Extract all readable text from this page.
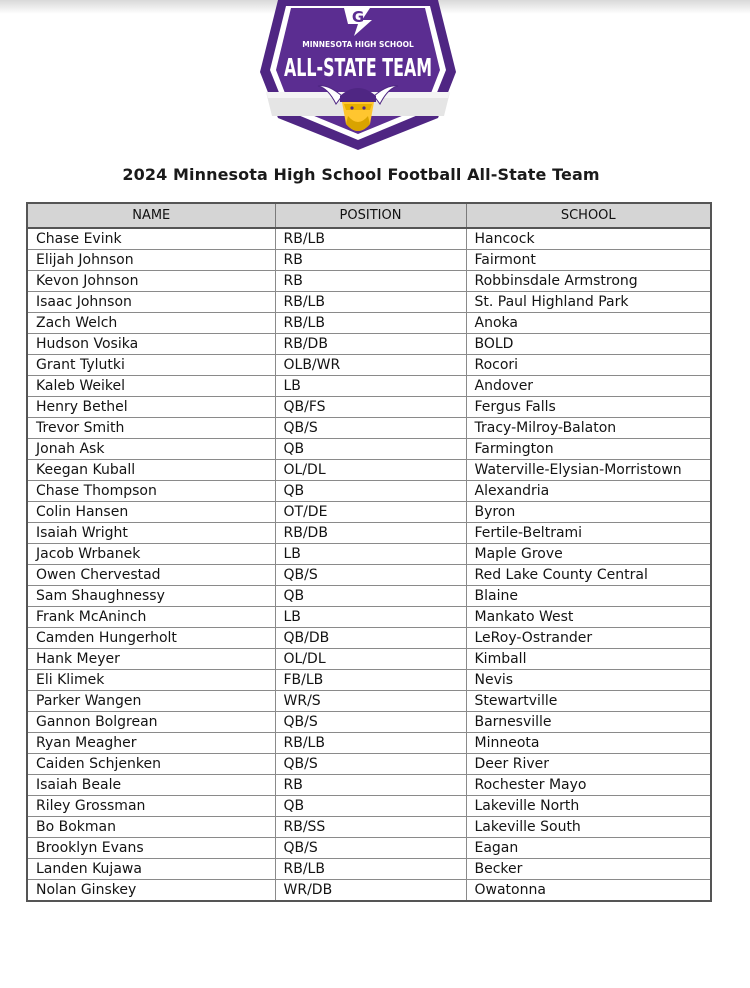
G
MINNESOTA HIGH SCHOOL
ALL-STATE TEAM
2024 Minnesota High School Football All-State Team
NAME	POSITION	SCHOOL
Chase Evink	RB/LB	Hancock
Elijah Johnson	RB	Fairmont
Kevon Johnson	RB	Robbinsdale Armstrong
Isaac Johnson	RB/LB	St. Paul Highland Park
Zach Welch	RB/LB	Anoka
Hudson Vosika	RB/DB	BOLD
Grant Tylutki	OLB/WR	Rocori
Kaleb Weikel	LB	Andover
Henry Bethel	QB/FS	Fergus Falls
Trevor Smith	QB/S	Tracy-Milroy-Balaton
Jonah Ask	QB	Farmington
Keegan Kuball	OL/DL	Waterville-Elysian-Morristown
Chase Thompson	QB	Alexandria
Colin Hansen	OT/DE	Byron
Isaiah Wright	RB/DB	Fertile-Beltrami
Jacob Wrbanek	LB	Maple Grove
Owen Chervestad	QB/S	Red Lake County Central
Sam Shaughnessy	QB	Blaine
Frank McAninch	LB	Mankato West
Camden Hungerholt	QB/DB	LeRoy-Ostrander
Hank Meyer	OL/DL	Kimball
Eli Klimek	FB/LB	Nevis
Parker Wangen	WR/S	Stewartville
Gannon Bolgrean	QB/S	Barnesville
Ryan Meagher	RB/LB	Minneota
Caiden Schjenken	QB/S	Deer River
Isaiah Beale	RB	Rochester Mayo
Riley Grossman	QB	Lakeville North
Bo Bokman	RB/SS	Lakeville South
Brooklyn Evans	QB/S	Eagan
Landen Kujawa	RB/LB	Becker
Nolan Ginskey	WR/DB	Owatonna
